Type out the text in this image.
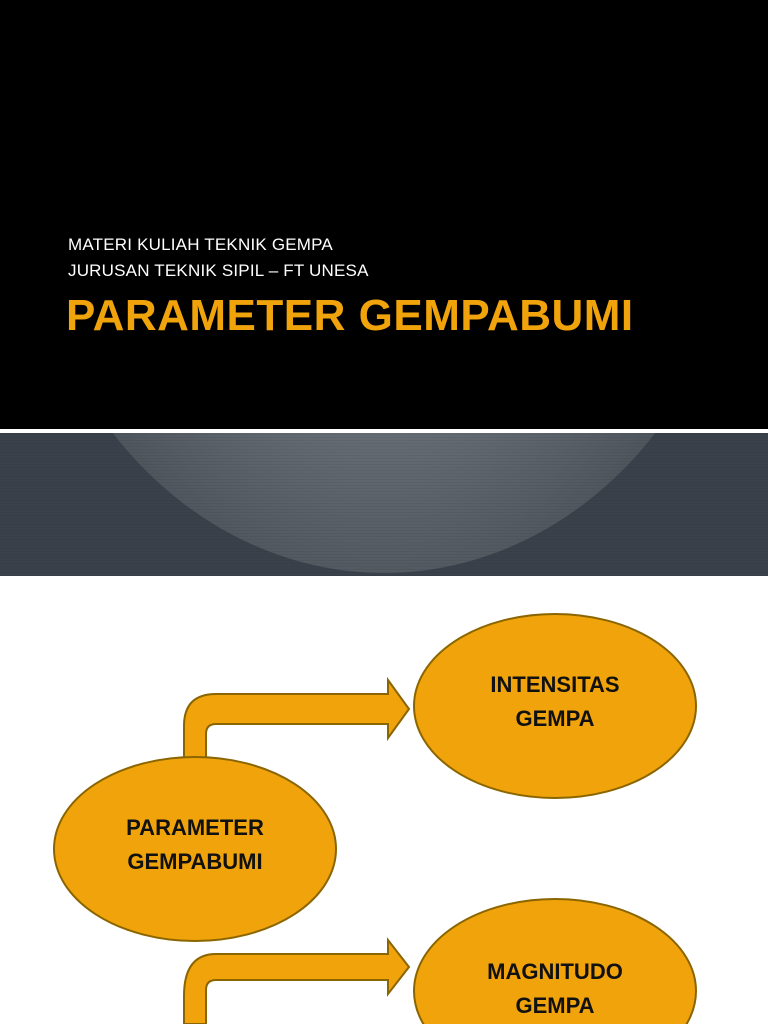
MATERI KULIAH TEKNIK GEMPA
JURUSAN TEKNIK SIPIL – FT UNESA
PARAMETER GEMPABUMI
INTENSITAS
GEMPA
PARAMETER
GEMPABUMI
MAGNITUDO
GEMPA
